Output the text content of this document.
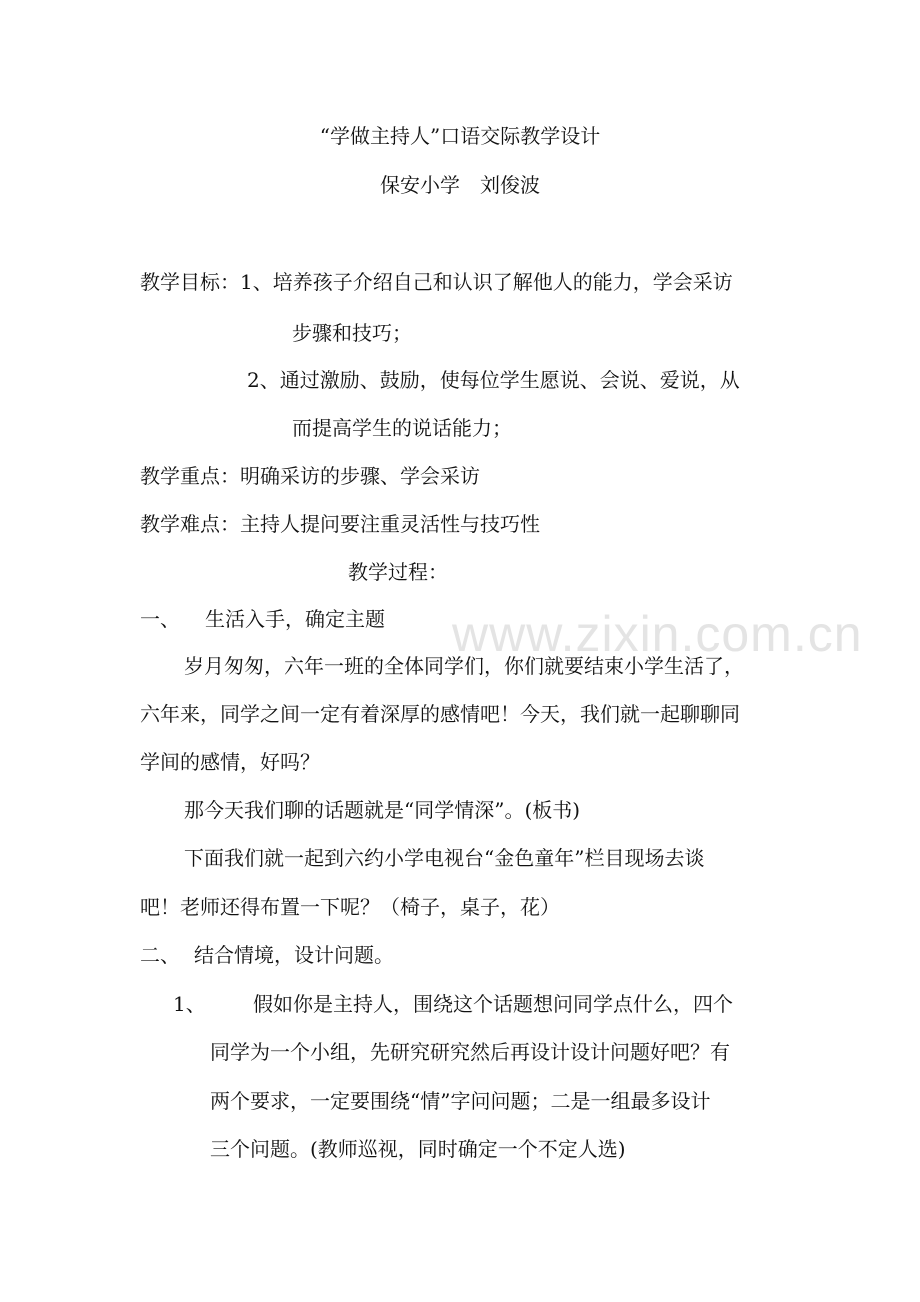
www.zixin.com.cn
“学做主持人”口语交际教学设计
保安小学　刘俊波
教学目标： 1、培养孩子介绍自己和认识了解他人的能力，学会采访
步骤和技巧；
2、通过激励、鼓励，使每位学生愿说、会说、爱说，从
而提高学生的说话能力；
教学重点：明确采访的步骤、学会采访
教学难点：主持人提问要注重灵活性与技巧性
教学过程：
一、 生活入手，确定主题
岁月匆匆，六年一班的全体同学们，你们就要结束小学生活了，
六年来，同学之间一定有着深厚的感情吧！今天，我们就一起聊聊同
学间的感情，好吗？
那今天我们聊的话题就是“同学情深”。(板书)
下面我们就一起到六约小学电视台“金色童年”栏目现场去谈
吧！老师还得布置一下呢？（椅子，桌子，花）
二、 结合情境，设计问题。
1、 假如你是主持人，围绕这个话题想问同学点什么，四个
同学为一个小组，先研究研究然后再设计设计问题好吧？有
两个要求，一定要围绕“情”字问问题；二是一组最多设计
三个问题。(教师巡视，同时确定一个不定人选)
